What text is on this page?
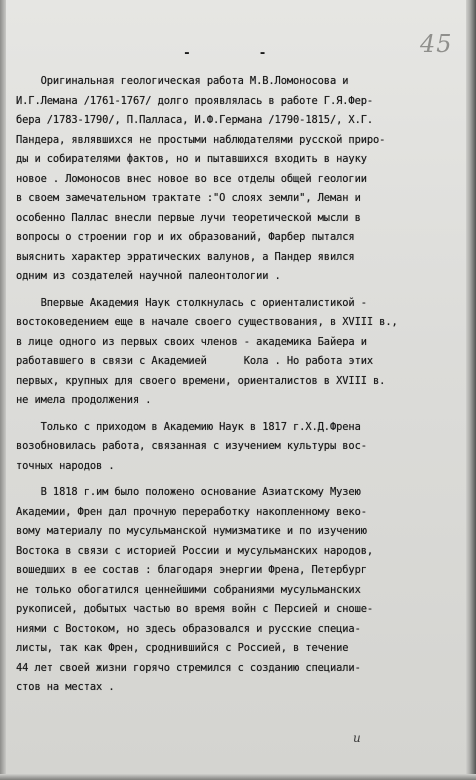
45
- -
Оригинальная геологическая работа М.В.Ломоносова и
И.Г.Лемана /1761-1767/ долго проявлялась в работе Г.Я.Фер-
бера /1783-1790/, П.Палласа, И.Ф.Германа /1790-1815/, Х.Г.
Пандера, являвшихся не простыми наблюдателями русской приро-
ды и собирателями фактов, но и пытавшихся входить в науку
новое . Ломоносов внес новое во все отделы общей геологии
в своем замечательном трактате :"О слоях земли", Леман и
особенно Паллас внесли первые лучи теоретической мысли в
вопросы о строении гор и их образований, Фарбер пытался
выяснить характер эрратических валунов, а Пандер явился
одним из создателей научной палеонтологии .
Впервые Академия Наук столкнулась с ориенталистикой -
востоковедением еще в начале своего существования, в XVIII в.,
в лице одного из первых своих членов - академика Байера и
работавшего в связи с Академией      Кола . Но работа этих
первых, крупных для своего времени, ориенталистов в XVIII в.
не имела продолжения .
Только с приходом в Академию Наук в 1817 г.Х.Д.Френа
возобновилась работа, связанная с изучением культуры вос-
точных народов .
В 1818 г.им было положено основание Азиатскому Музею
Академии, Френ дал прочную переработку накопленному веко-
вому материалу по мусульманской нумизматике и по изучению
Востока в связи с историей России и мусульманских народов,
вошедших в ее состав : благодаря энергии Френа, Петербург
не только обогатился ценнейшими собраниями мусульманских
рукописей, добытых частью во время войн с Персией и сноше-
ниями с Востоком, но здесь образовался и русские специа-
листы, так как Френ, сроднившийся с Россией, в течение
44 лет своей жизни горячо стремился с созданию специали-
стов на местах .
и
